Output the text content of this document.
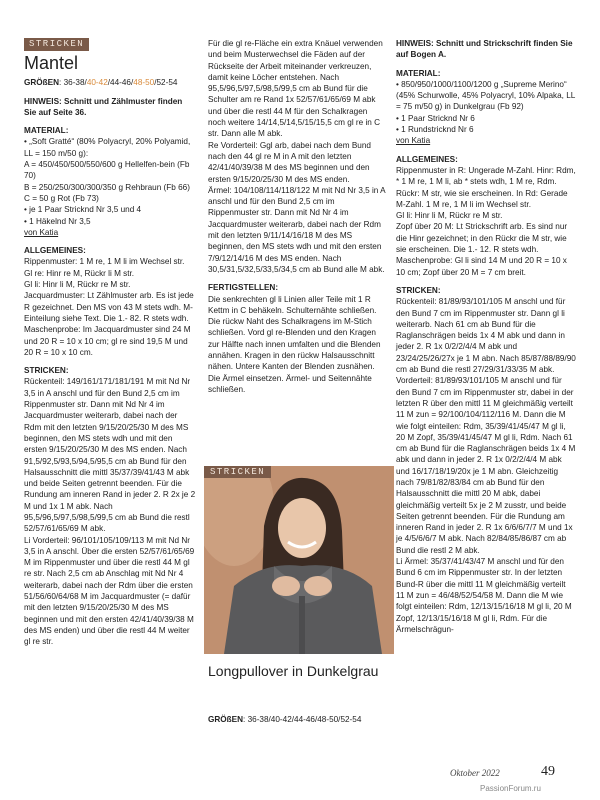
STRICKEN
Mantel

GRÖßEN: 36-38/40-42/44-46/48-50/52-54

HINWEIS: Schnitt und Zählmuster finden Sie auf Seite 36.

MATERIAL:

• „Soft Gratté“ (80% Polyacryl, 20% Polyamid, LL = 150 m/50 g):

A = 450/450/500/550/600 g Hellelfen-bein (Fb 70)

B = 250/250/300/300/350 g Rehbraun (Fb 66)

C = 50 g Rot (Fb 73)

• je 1 Paar Stricknd Nr 3,5 und 4

• 1 Häkelnd Nr 3,5

von Katia

ALLGEMEINES:

Rippenmuster: 1 M re, 1 M li im Wechsel str.

Gl re: Hinr re M, Rückr li M str.

Gl li: Hinr li M, Rückr re M str.

Jacquardmuster: Lt Zählmuster arb. Es ist jede R gezeichnet. Den MS von 43 M stets wdh. M-Einteilung siehe Text. Die 1.- 82. R stets wdh.

Maschenprobe: Im Jacquardmuster sind 24 M und 20 R = 10 x 10 cm; gl re sind 19,5 M und 20 R = 10 x 10 cm.

STRICKEN:

Rückenteil: 149/161/171/181/191 M mit Nd Nr 3,5 in A anschl und für den Bund 2,5 cm im Rippenmuster str. Dann mit Nd Nr 4 im Jacquardmuster weiterarb, dabei nach der Rdm mit den letzten 9/15/20/25/30 M des MS beginnen, den MS stets wdh und mit den ersten 9/15/20/25/30 M des MS enden. Nach 91,5/92,5/93,5/94,5/95,5 cm ab Bund für den Halsausschnitt die mittl 35/37/39/41/43 M abk und beide Seiten getrennt beenden. Für die Rundung am inneren Rand in jeder 2. R 2x je 2 M und 1x 1 M abk. Nach 95,5/96,5/97,5/98,5/99,5 cm ab Bund die restl 52/57/61/65/69 M abk.

Li Vorderteil: 96/101/105/109/113 M mit Nd Nr 3,5 in A anschl. Über die ersten 52/57/61/65/69 M im Rippenmuster und über die restl 44 M gl re str. Nach 2,5 cm ab Anschlag mit Nd Nr 4 weiterarb, dabei nach der Rdm über die ersten 51/56/60/64/68 M im Jacquardmuster (= dafür mit den letzten 9/15/20/25/30 M des MS beginnen und mit den ersten 42/41/40/39/38 M des MS enden) und über die restl 44 M weiter gl re str.

Für die gl re-Fläche ein extra Knäuel verwenden und beim Musterwechsel die Fäden auf der Rückseite der Arbeit miteinander verkreuzen, damit keine Löcher entstehen. Nach 95,5/96,5/97,5/98,5/99,5 cm ab Bund für die Schulter am re Rand 1x 52/57/61/65/69 M abk und über die restl 44 M für den Schalkragen noch weitere 14/14,5/14,5/15/15,5 cm gl re in C str. Dann alle M abk.

Re Vorderteil: Ggl arb, dabei nach dem Bund nach den 44 gl re M in A mit den letzten 42/41/40/39/38 M des MS beginnen und den ersten 9/15/20/25/30 M des MS enden.

Ärmel: 104/108/114/118/122 M mit Nd Nr 3,5 in A anschl und für den Bund 2,5 cm im Rippenmuster str. Dann mit Nd Nr 4 im Jacquardmuster weiterarb, dabei nach der Rdm mit den letzten 9/11/14/16/18 M des MS beginnen, den MS stets wdh und mit den ersten 7/9/12/14/16 M des MS enden. Nach 30,5/31,5/32,5/33,5/34,5 cm ab Bund alle M abk.

FERTIGSTELLEN:

Die senkrechten gl li Linien aller Teile mit 1 R Kettm in C behäkeln. Schulternähte schließen. Die rückw Naht des Schalkragens im M-Stich schließen. Vord gl re-Blenden und den Kragen zur Hälfte nach innen umfalten und die Blenden annähen. Kragen in den rückw Halsausschnitt nähen. Untere Kanten der Blenden zusnähen. Die Ärmel einsetzen. Ärmel- und Seitennähte schließen.

STRICKEN
Longpullover in Dunkelgrau
GRÖßEN: 36-38/40-42/44-46/48-50/52-54

HINWEIS: Schnitt und Strickschrift finden Sie auf Bogen A.

MATERIAL:

• 850/950/1000/1100/1200 g „Supreme Merino“ (45% Schurwolle, 45% Polyacryl, 10% Alpaka, LL = 75 m/50 g) in Dunkelgrau (Fb 92)

• 1 Paar Stricknd Nr 6

• 1 Rundstricknd Nr 6

von Katia

ALLGEMEINES:

Rippenmuster in R: Ungerade M-Zahl. Hinr: Rdm, * 1 M re, 1 M li, ab * stets wdh, 1 M re, Rdm. Rückr: M str, wie sie erscheinen. In Rd: Gerade M-Zahl. 1 M re, 1 M li im Wechsel str.

Gl li: Hinr li M, Rückr re M str.

Zopf über 20 M: Lt Strickschrift arb. Es sind nur die Hinr gezeichnet; in den Rückr die M str, wie sie erscheinen. Die 1.- 12. R stets wdh.

Maschenprobe: Gl li sind 14 M und 20 R = 10 x 10 cm; Zopf über 20 M = 7 cm breit.

STRICKEN:

Rückenteil: 81/89/93/101/105 M anschl und für den Bund 7 cm im Rippenmuster str. Dann gl li weiterarb. Nach 61 cm ab Bund für die Raglanschrägen beids 1x 4 M abk und dann in jeder 2. R 1x 0/2/2/4/4 M abk und 23/24/25/26/27x je 1 M abn. Nach 85/87/88/89/90 cm ab Bund die restl 27/29/31/33/35 M abk.

Vorderteil: 81/89/93/101/105 M anschl und für den Bund 7 cm im Rippenmuster str, dabei in der letzten R über den mittl 11 M gleichmäßig verteilt 11 M zun = 92/100/104/112/116 M. Dann die M wie folgt einteilen: Rdm, 35/39/41/45/47 M gl li, 20 M Zopf, 35/39/41/45/47 M gl li, Rdm. Nach 61 cm ab Bund für die Raglanschrägen beids 1x 4 M abk und dann in jeder 2. R 1x 0/2/2/4/4 M abk und 16/17/18/19/20x je 1 M abn. Gleichzeitig nach 79/81/82/83/84 cm ab Bund für den Halsausschnitt die mittl 20 M abk, dabei gleichmäßig verteilt 5x je 2 M zusstr, und beide Seiten getrennt beenden. Für die Rundung am inneren Rand in jeder 2. R 1x 6/6/6/7/7 M und 1x je 4/5/6/6/7 M abk. Nach 82/84/85/86/87 cm ab Bund die restl 2 M abk.

Li Ärmel: 35/37/41/43/47 M anschl und für den Bund 6 cm im Rippenmuster str. In der letzten Bund-R über die mittl 11 M gleichmäßig verteilt 11 M zun = 46/48/52/54/58 M. Dann die M wie folgt einteilen: Rdm, 12/13/15/16/18 M gl li, 20 M Zopf, 12/13/15/16/18 M gl li, Rdm. Für die Ärmelschrägun-

Oktober 2022	49
PassionForum.ru
